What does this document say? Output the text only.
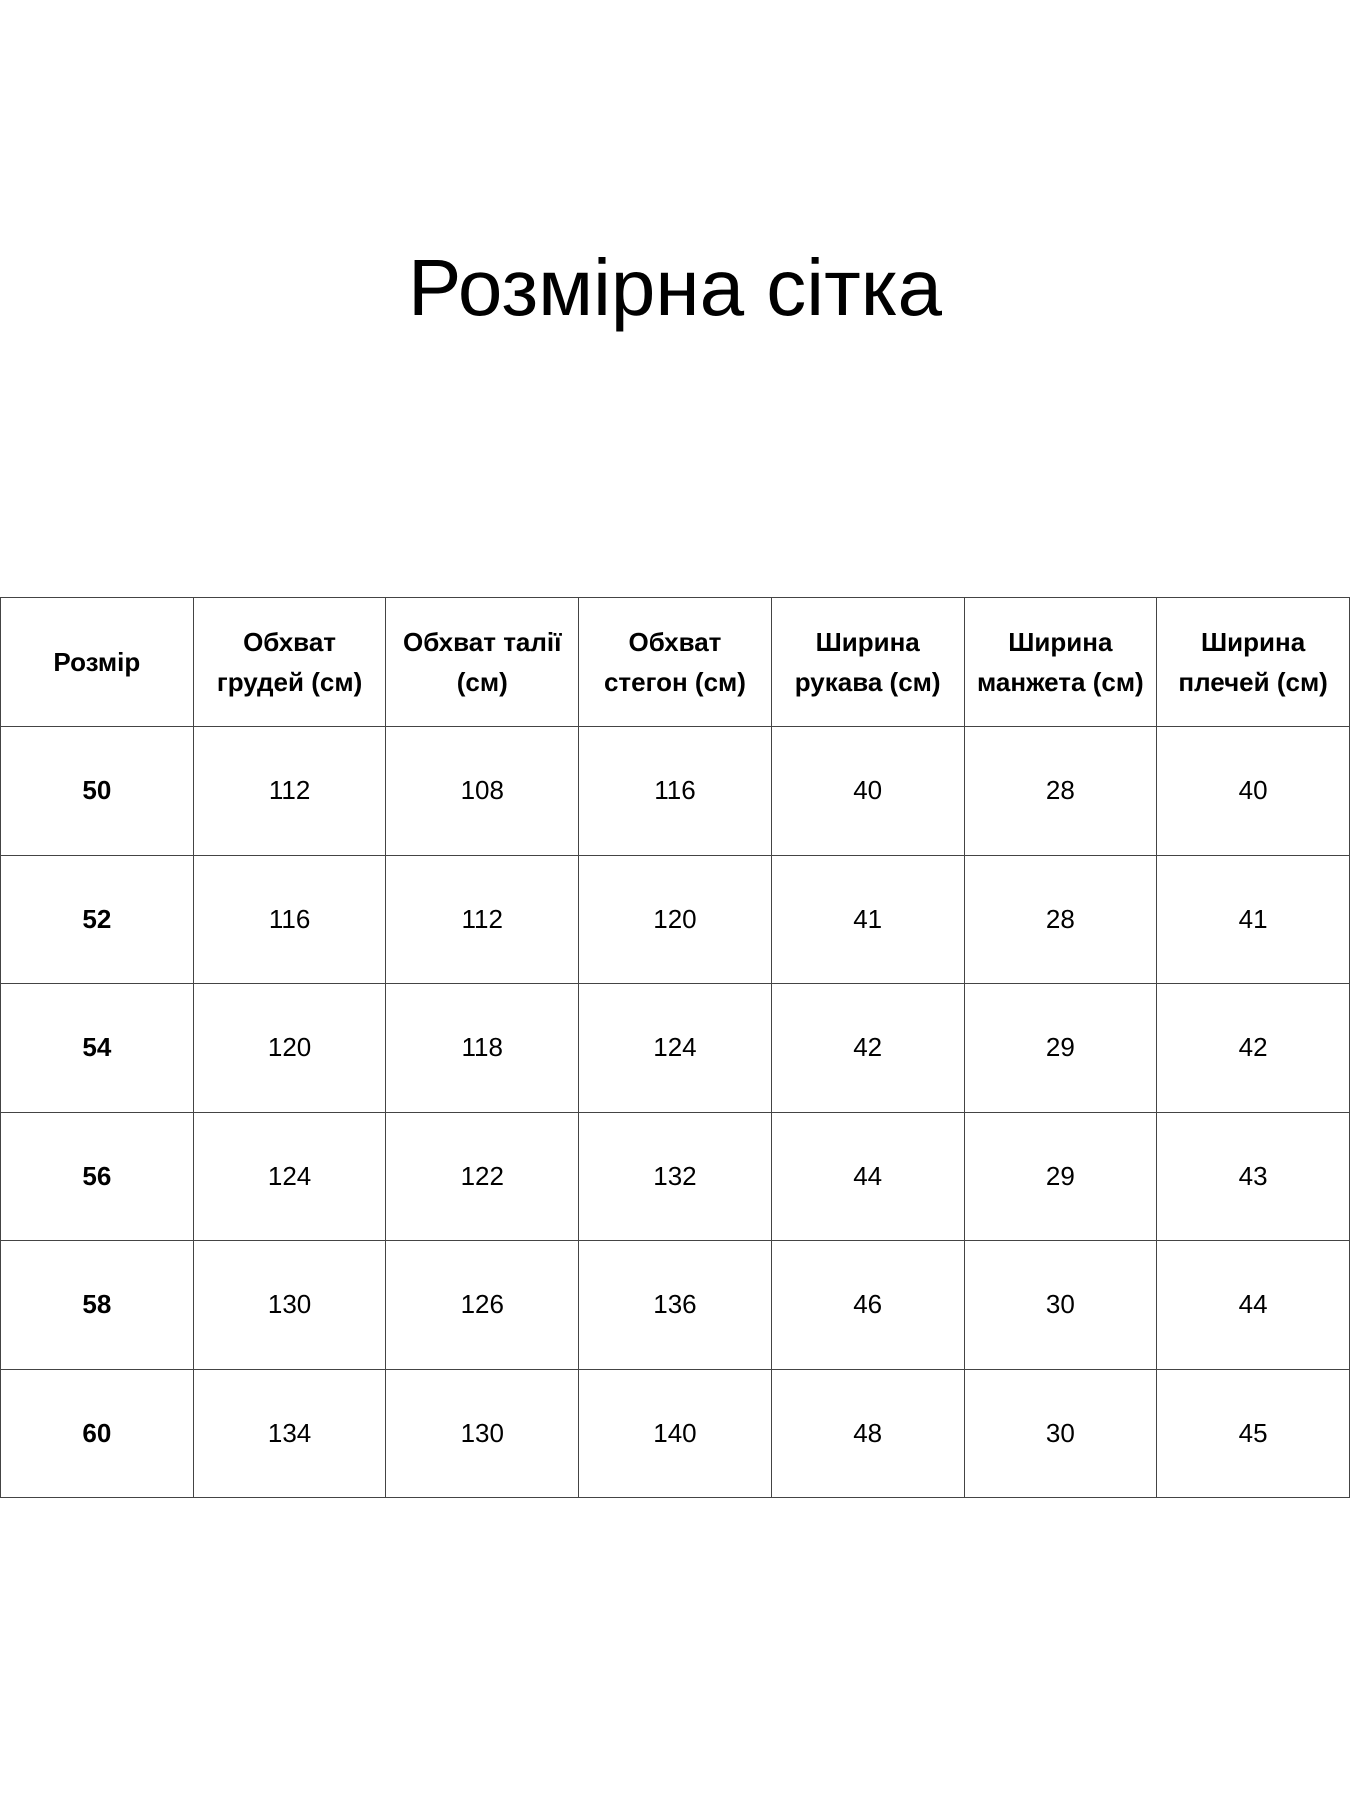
Розмірна сітка
Розмір	Обхват грудей (см)	Обхват талії (см)	Обхват стегон (см)	Ширина рукава (см)	Ширина манжета (см)	Ширина плечей (см)
50	112	108	116	40	28	40
52	116	112	120	41	28	41
54	120	118	124	42	29	42
56	124	122	132	44	29	43
58	130	126	136	46	30	44
60	134	130	140	48	30	45
